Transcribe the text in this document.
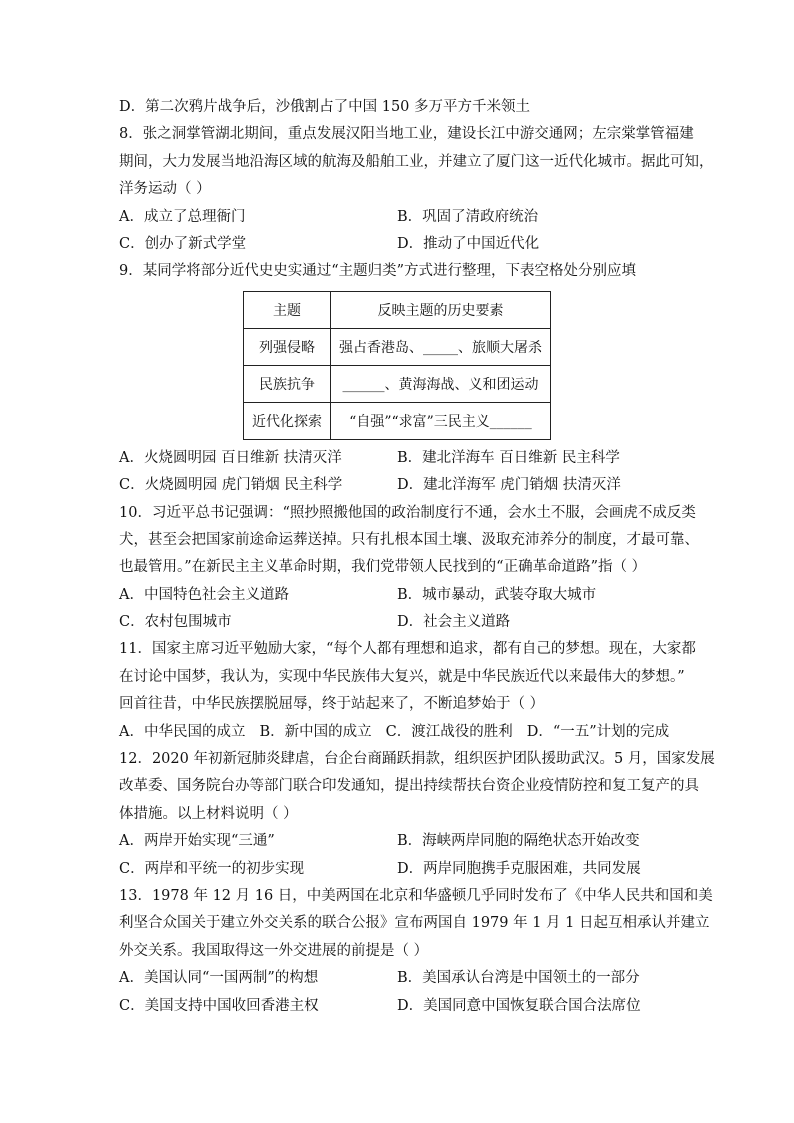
D．第二次鸦片战争后，沙俄割占了中国 150 多万平方千米领土
8．张之洞掌管湖北期间，重点发展汉阳当地工业，建设长江中游交通网；左宗棠掌管福建
期间，大力发展当地沿海区域的航海及船舶工业，并建立了厦门这一近代化城市。据此可知，
洋务运动（ ）
A．成立了总理衙门	B．巩固了清政府统治
C．创办了新式学堂	D．推动了中国近代化
9．某同学将部分近代史史实通过“主题归类”方式进行整理，下表空格处分别应填
主题	反映主题的历史要素
列强侵略	强占香港岛、_____、旅顺大屠杀
民族抗争	______、黄海海战、义和团运动
近代化探索	“自强”“求富”三民主义______
A．火烧圆明园 百日维新 扶清灭洋	B．建北洋海车 百日维新 民主科学
C．火烧圆明园 虎门销烟 民主科学	D．建北洋海军 虎门销烟 扶清灭洋
10．习近平总书记强调：“照抄照搬他国的政治制度行不通，会水土不服，会画虎不成反类
犬，甚至会把国家前途命运葬送掉。只有扎根本国土壤、汲取充沛养分的制度，才最可靠、
也最管用。”在新民主主义革命时期，我们党带领人民找到的“正确革命道路”指（ ）
A．中国特色社会主义道路	B．城市暴动，武装夺取大城市
C．农村包围城市	D．社会主义道路
11．国家主席习近平勉励大家，“每个人都有理想和追求，都有自己的梦想。现在，大家都
在讨论中国梦，我认为，实现中华民族伟大复兴，就是中华民族近代以来最伟大的梦想。”
回首往昔，中华民族摆脱屈辱，终于站起来了，不断追梦始于（ ）
A．中华民国的成立 B．新中国的成立 C．渡江战役的胜利 D．“一五”计划的完成
12．2020 年初新冠肺炎肆虐，台企台商踊跃捐款，组织医护团队援助武汉。5 月，国家发展
改革委、国务院台办等部门联合印发通知，提出持续帮扶台资企业疫情防控和复工复产的具
体措施。以上材料说明（ ）
A．两岸开始实现“三通”	B．海峡两岸同胞的隔绝状态开始改变
C．两岸和平统一的初步实现	D．两岸同胞携手克服困难，共同发展
13．1978 年 12 月 16 日，中美两国在北京和华盛顿几乎同时发布了《中华人民共和国和美
利坚合众国关于建立外交关系的联合公报》宣布两国自 1979 年 1 月 1 日起互相承认并建立
外交关系。我国取得这一外交进展的前提是（ ）
A．美国认同“一国两制”的构想	B．美国承认台湾是中国领土的一部分
C．美国支持中国收回香港主权	D．美国同意中国恢复联合国合法席位
